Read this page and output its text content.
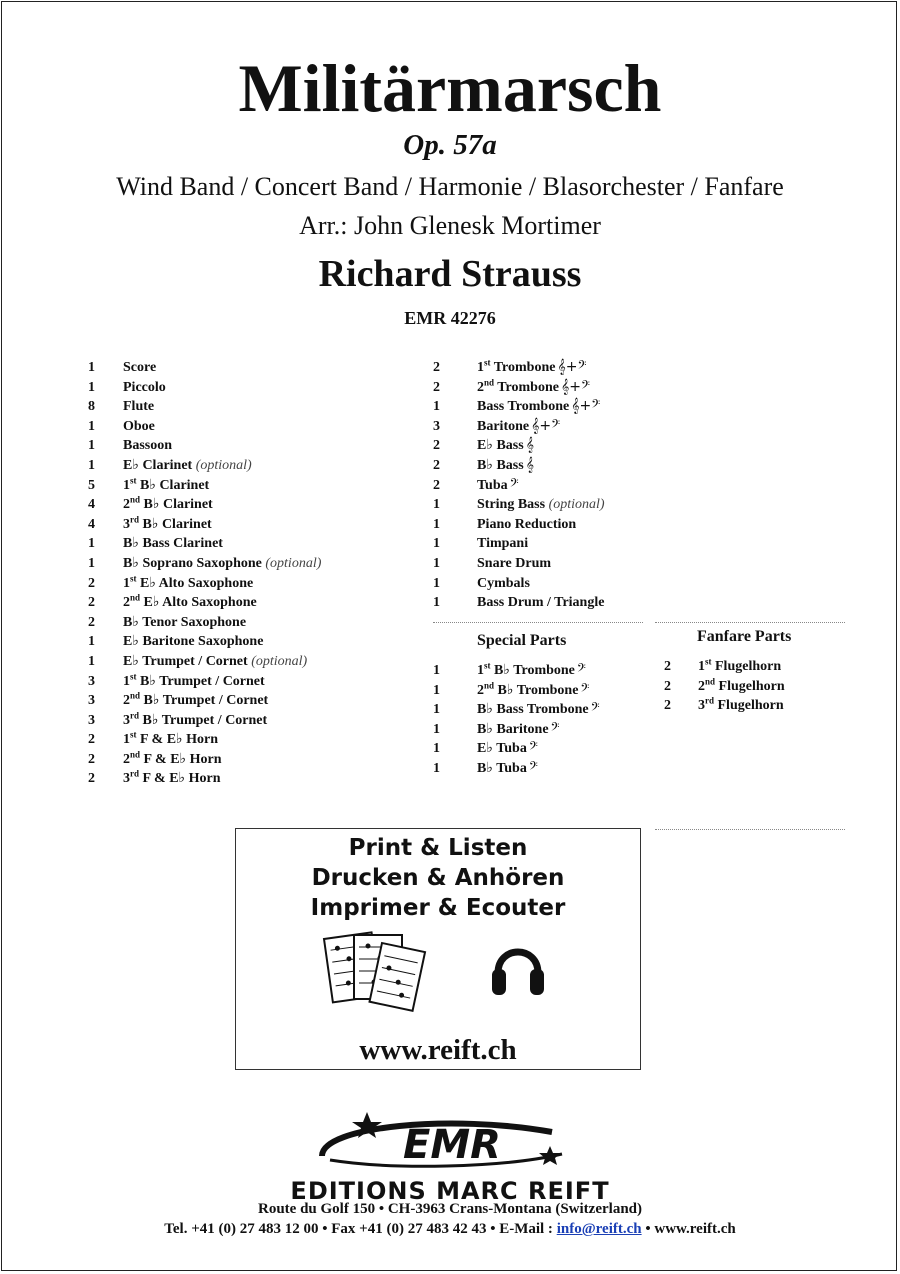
Militärmarsch
Op. 57a
Wind Band / Concert Band / Harmonie / Blasorchester / Fanfare
Arr.: John Glenesk Mortimer
Richard Strauss
EMR 42276
1 Score
1 Piccolo
8 Flute
1 Oboe
1 Bassoon
1 E♭ Clarinet (optional)
5 1st B♭ Clarinet
4 2nd B♭ Clarinet
4 3rd B♭ Clarinet
1 B♭ Bass Clarinet
1 B♭ Soprano Saxophone (optional)
2 1st E♭ Alto Saxophone
2 2nd E♭ Alto Saxophone
2 B♭ Tenor Saxophone
1 E♭ Baritone Saxophone
1 E♭ Trumpet / Cornet (optional)
3 1st B♭ Trumpet / Cornet
3 2nd B♭ Trumpet / Cornet
3 3rd B♭ Trumpet / Cornet
2 1st F & E♭ Horn
2 2nd F & E♭ Horn
2 3rd F & E♭ Horn
2	1st Trombone 𝄞+𝄢
2	2nd Trombone 𝄞+𝄢
1	Bass Trombone 𝄞+𝄢
3	Baritone 𝄞+𝄢
2	E♭ Bass 𝄞
2	B♭ Bass 𝄞
2	Tuba 𝄢
1	String Bass (optional)
1	Piano Reduction
1	Timpani
1	Snare Drum
1	Cymbals
1	Bass Drum / Triangle
Special Parts	Fanfare Parts
1	1st B♭ Trombone 𝄢
1	2nd B♭ Trombone 𝄢
1	B♭ Bass Trombone 𝄢
1	B♭ Baritone 𝄢
1	E♭ Tuba 𝄢
1	B♭ Tuba 𝄢
2 1st Flugelhorn
2 2nd Flugelhorn
2 3rd Flugelhorn
Print & Listen
Drucken & Anhören
Imprimer & Ecouter
www.reift.ch
EMR
EDITIONS MARC REIFT
Route du Golf 150 • CH-3963 Crans-Montana (Switzerland)
Tel. +41 (0) 27 483 12 00 • Fax +41 (0) 27 483 42 43 • E-Mail : info@reift.ch • www.reift.ch
